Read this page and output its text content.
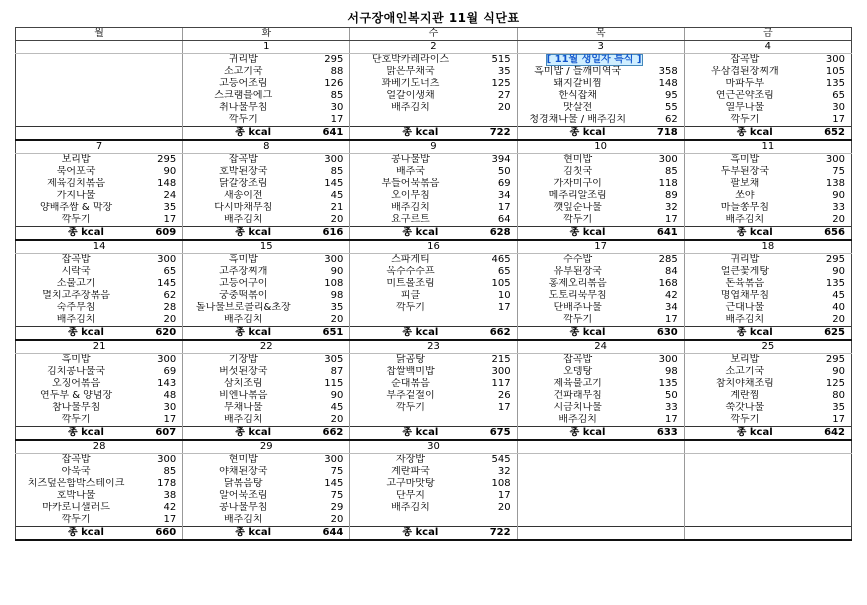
서구장애인복지관 11월 식단표
월	화	수	목	금
	1	2	3	4

	귀리밥 295	단호박카레라이스 515	[ 11월 생일자 특식 ]	잡곡밥 300

	소고기국 88	맑은무채국 35	흑미밥 / 들깨미역국 358	우삼겹된장찌개 105

	고등어조림 126	꽈베기도너츠 125	돼지갈비찜 148	마파두부 135

	스크램블에그 85	얼갈이생채 27	한식잡채 95	연근곤약조림 65

	취나물무침 30	배추김치 20	맛살전 55	열무나물 30

	깍두기 17		청경채나물 / 배추김치 62	깍두기 17

	총 kcal 641	총 kcal 722	총 kcal 718	총 kcal 652

7	8	9	10	11

보리밥 295	잡곡밥 300	콩나물밥 394	현미밥 300	흑미밥 300

북어포국 90	호박된장국 85	배추국 50	김칫국 85	두부된장국 75

제육김치볶음 148	닭갈장조림 145	부들어묵볶음 69	가자미구이 118	팔보채 138

가지나물 24	새송이전 45	오이무침 34	메추리알조림 89	쏘야 90

양배추쌈 & 막장 35	다시마채무침 21	배추김치 17	깻잎순나물 32	마늘쫑무침 33

깍두기 17	배추김치 20	요구르트 64	깍두기 17	배추김치 20

총 kcal 609	총 kcal 616	총 kcal 628	총 kcal 641	총 kcal 656

14	15	16	17	18

잡곡밥 300	흑미밥 300	스파게티 465	수수밥 285	귀리밥 295

시락국 65	고추장찌개 90	옥수수수프 65	유부된장국 84	얼큰꽃게탕 90

소불고기 145	고등어구이 108	미트볼조림 105	홍제오리볶음 168	돈육볶음 135

멸치고추장볶음 62	궁중떡볶이 98	피클 10	도토리묵무침 42	명엽채무침 45

숙주무침 28	돌나물브로콜리&초장 35	깍두기 17	단배추나물 34	근대나물 40

배추김치 20	배추김치 20		깍두기 17	배추김치 20

총 kcal 620	총 kcal 651	총 kcal 662	총 kcal 630	총 kcal 625

21	22	23	24	25

흑미밥 300	기장밥 305	닭곰탕 215	잡곡밥 300	보리밥 295

김치콩나물국 69	버섯된장국 87	찹쌀백미밥 300	오뎅탕 98	소고기국 90

오징어볶음 143	삼치조림 115	순대볶음 117	제육불고기 135	참치야채조림 125

연두부 & 양념장 48	비엔나볶음 90	부추겉절이 26	건파래무침 50	계란찜 80

참나물무침 30	무채나물 45	깍두기 17	시금치나물 33	쑥갓나물 35

깍두기 17	배추김치 20		배추김치 17	깍두기 17

총 kcal 607	총 kcal 662	총 kcal 675	총 kcal 633	총 kcal 642

28	29	30		

잡곡밥 300	현미밥 300	자장밥 545		

아욱국 85	야채된장국 75	계란파국 32		

치즈덮은함박스테이크 178	닭볶음탕 145	고구마맛탕 108		

호박나물 38	알어묵조림 75	단무지 17		

마카로니샐러드 42	콩나물무침 29	배추김치 20		

깍두기 17	배추김치 20			

총 kcal 660	총 kcal 644	총 kcal 722		
